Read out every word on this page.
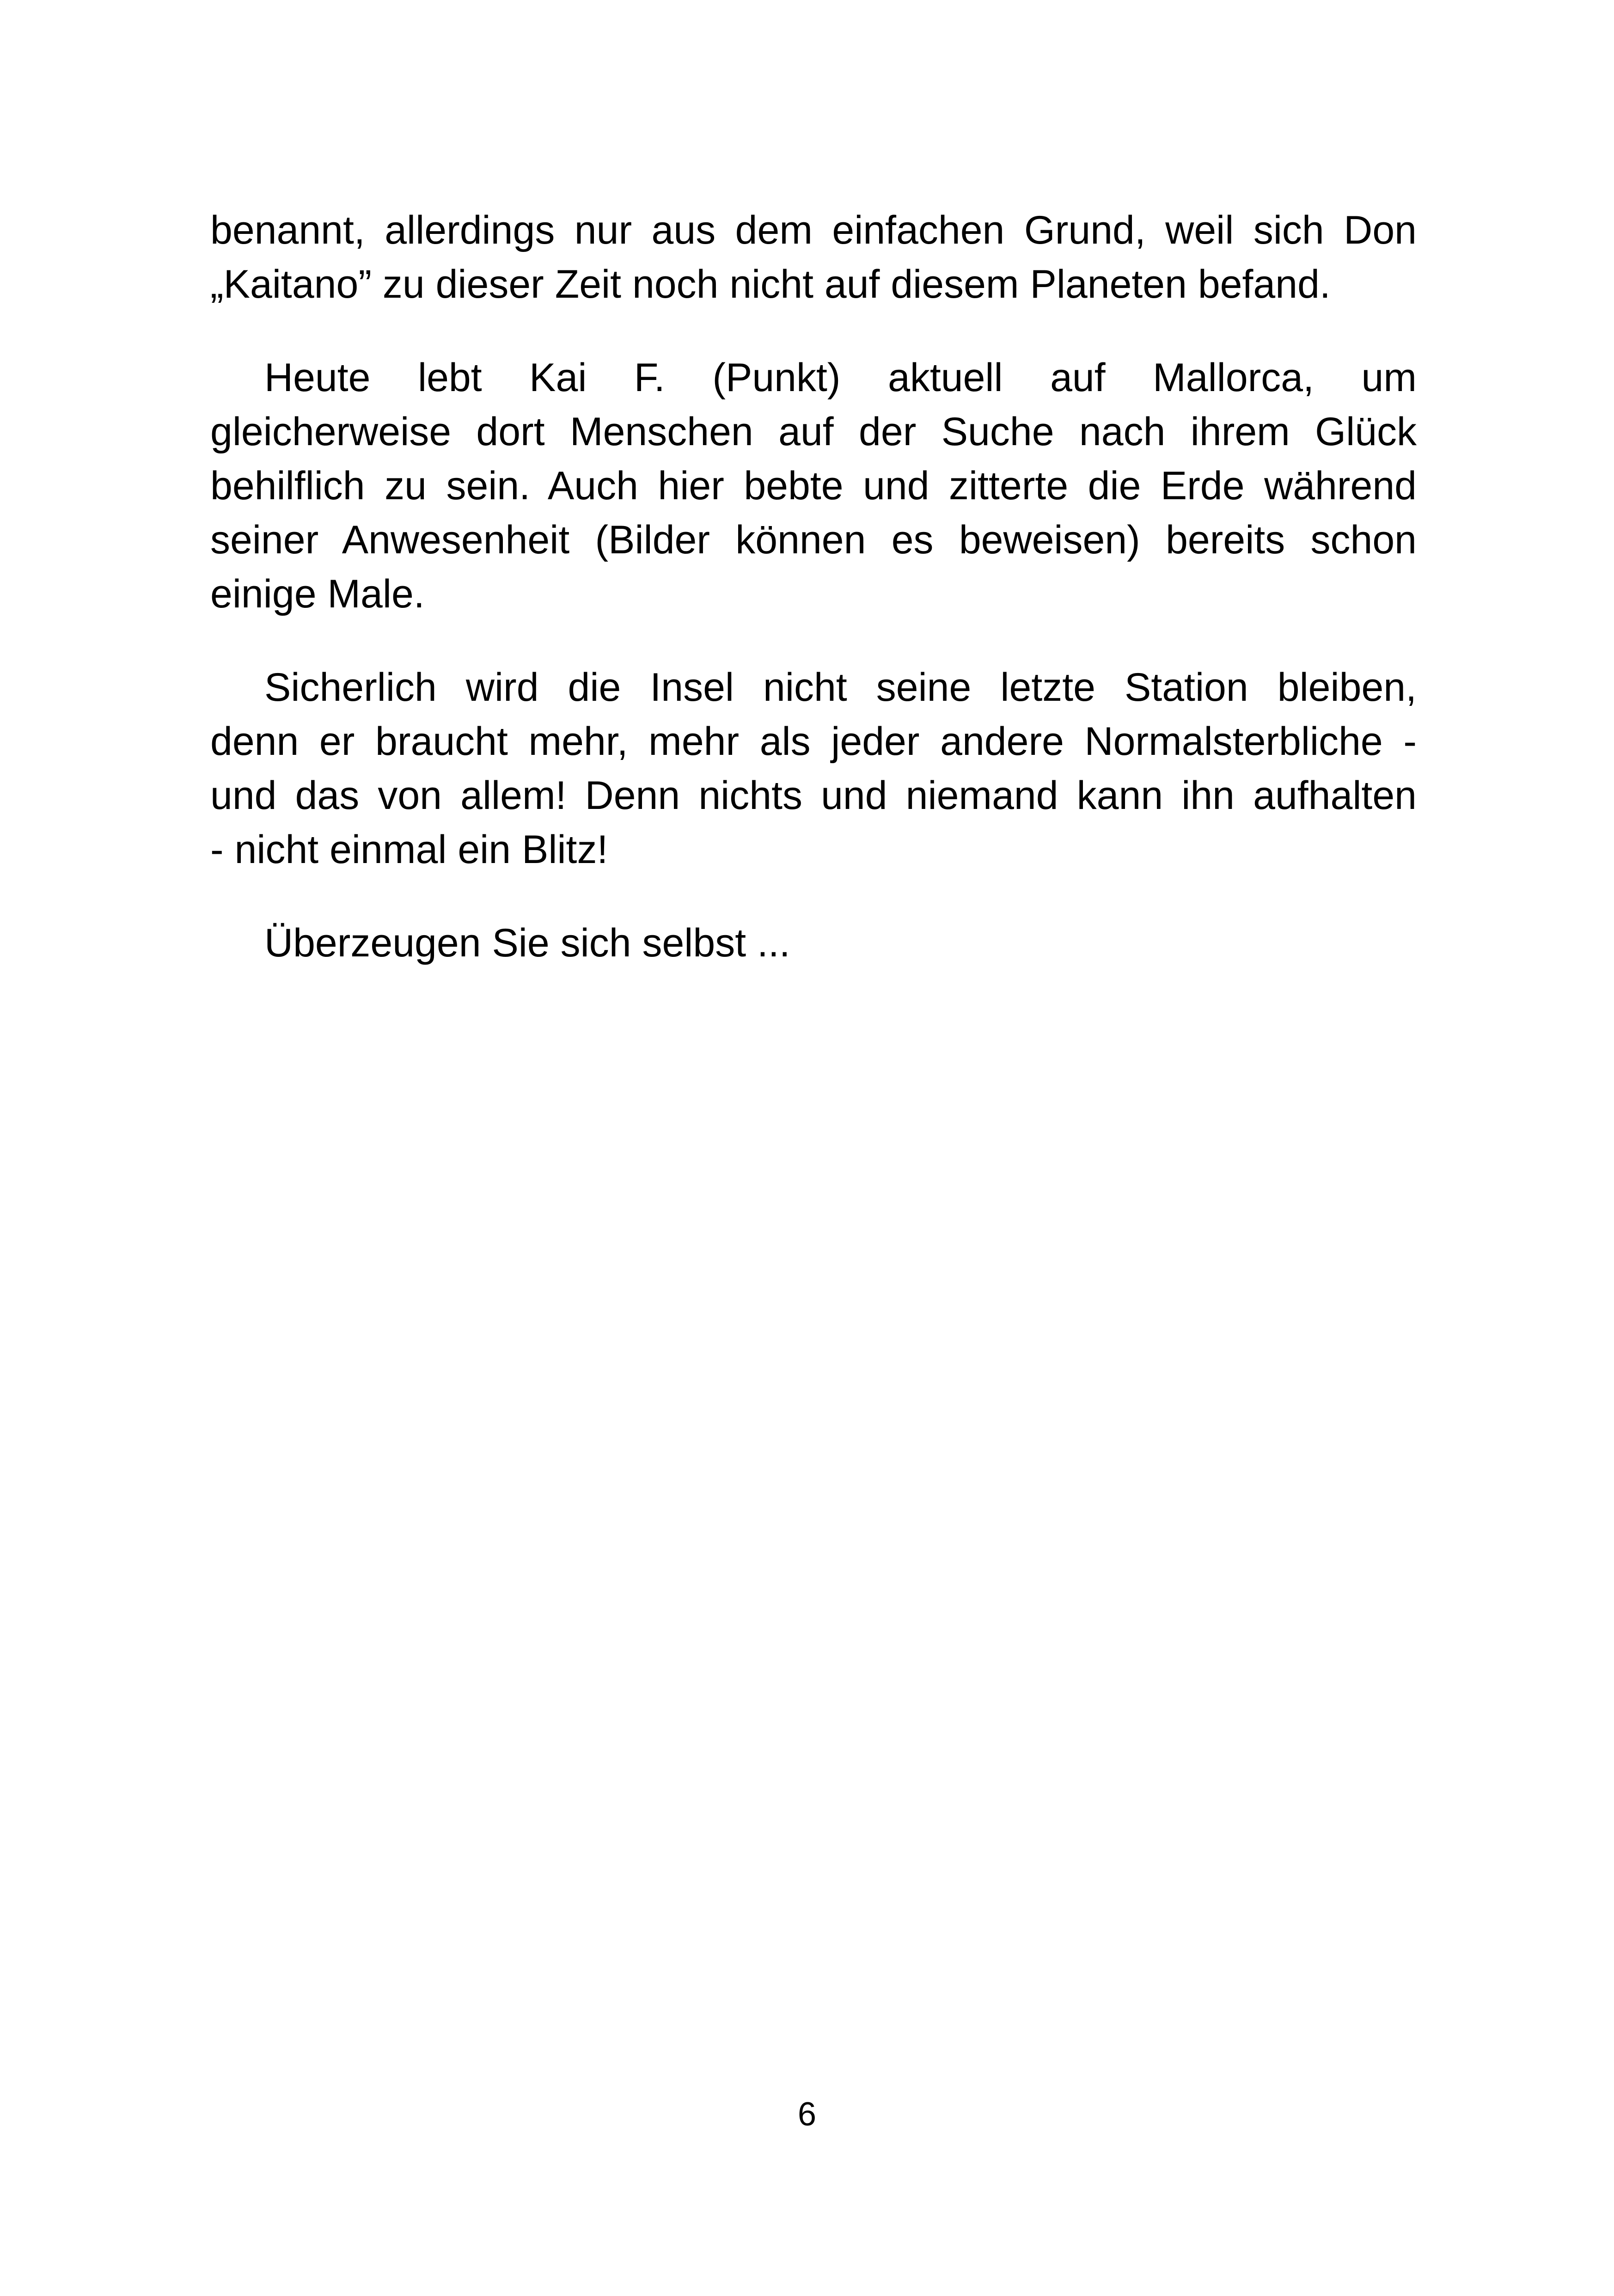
benannt, allerdings nur aus dem einfachen Grund, weil sich Don
„Kaitano” zu dieser Zeit noch nicht auf diesem Planeten befand.

Heute lebt Kai F. (Punkt) aktuell auf Mallorca, um
gleicherweise dort Menschen auf der Suche nach ihrem Glück
behilflich zu sein. Auch hier bebte und zitterte die Erde während
seiner Anwesenheit (Bilder können es beweisen) bereits schon
einige Male.

Sicherlich wird die Insel nicht seine letzte Station bleiben,
denn er braucht mehr, mehr als jeder andere Normalsterbliche -
und das von allem! Denn nichts und niemand kann ihn aufhalten
- nicht einmal ein Blitz!

Überzeugen Sie sich selbst ...

6
